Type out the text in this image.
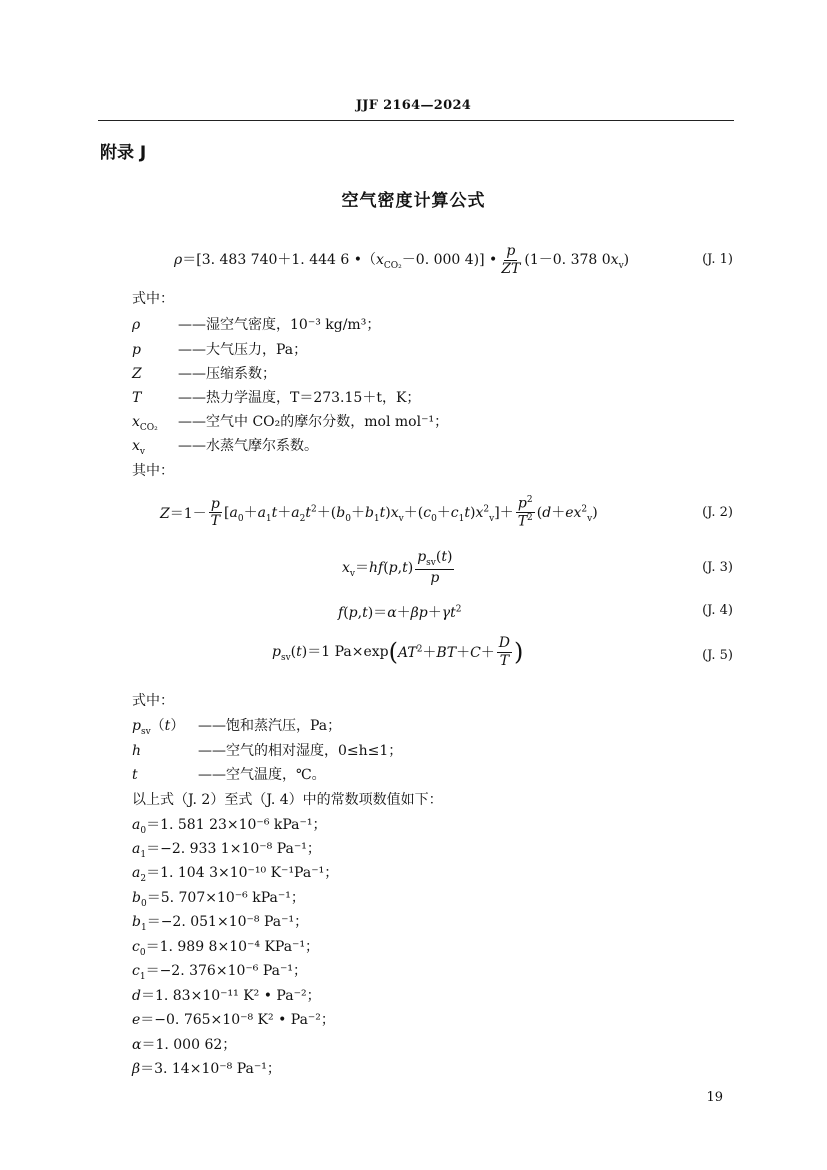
JJF 2164—2024
附录 J
空气密度计算公式
ρ＝[3. 483 740＋1. 444 6 $•(x_{CO_2}-0$. 000 4)] • $\frac{p}{ZT} (1-0$. 378 $0x_v$)	(J. 1)
式中：
ρ	——湿空气密度，10⁻³ kg/m³；
p	——大气压力，Pa；
Z	——压缩系数；
T	——热力学温度，T＝273.15＋t，K；
$x_{CO_2}$ ——空气中 CO₂的摩尔分数，mol mol⁻¹；
$x_v$ ——水蒸气摩尔系数。
其中：
$Z=1- \frac{p}{T} [a_0+a_1t+a_2t^2+(b_0+b_1t)x_v+(c_0+c_1t)x^2_v]+ \frac{p^2}{T^2} (d+ex^2_v)$	(J. 2)
$x_v=hf(p,t) \frac{p_{sv}(t)}{p}$	(J. 3)
$f(p,t)=\alpha+\beta p+\gamma t^2$	(J. 4)
$p_{sv}(t)=1$ Pa×exp ( $AT^2+BT+C+ \frac{D}{T}$ )	(J. 5)
式中：
$p_{sv}(t)$ ——饱和蒸汽压，Pa；
h	——空气的相对湿度，0≤h≤1；
t	——空气温度，℃。
以上式（J. 2）至式（J. 4）中的常数项数值如下：
$a_0=1$. 581 23×10⁻⁶ kPa⁻¹；
$a_1=-2$. 933 1×10⁻⁸ Pa⁻¹；
$a_2=1$. 104 3×10⁻¹⁰ K⁻¹Pa⁻¹；
$b_0=5$. 707×10⁻⁶ kPa⁻¹；
$b_1=-2$. 051×10⁻⁸ Pa⁻¹；
$c_0=1$. 989 8×10⁻⁴ KPa⁻¹；
$c_1=-2$. 376×10⁻⁶ Pa⁻¹；
d＝1. 83×10⁻¹¹ K² • Pa⁻²；
e＝−0. 765×10⁻⁸ K² • Pa⁻²；
α＝1. 000 62；
β＝3. 14×10⁻⁸ Pa⁻¹；
19
